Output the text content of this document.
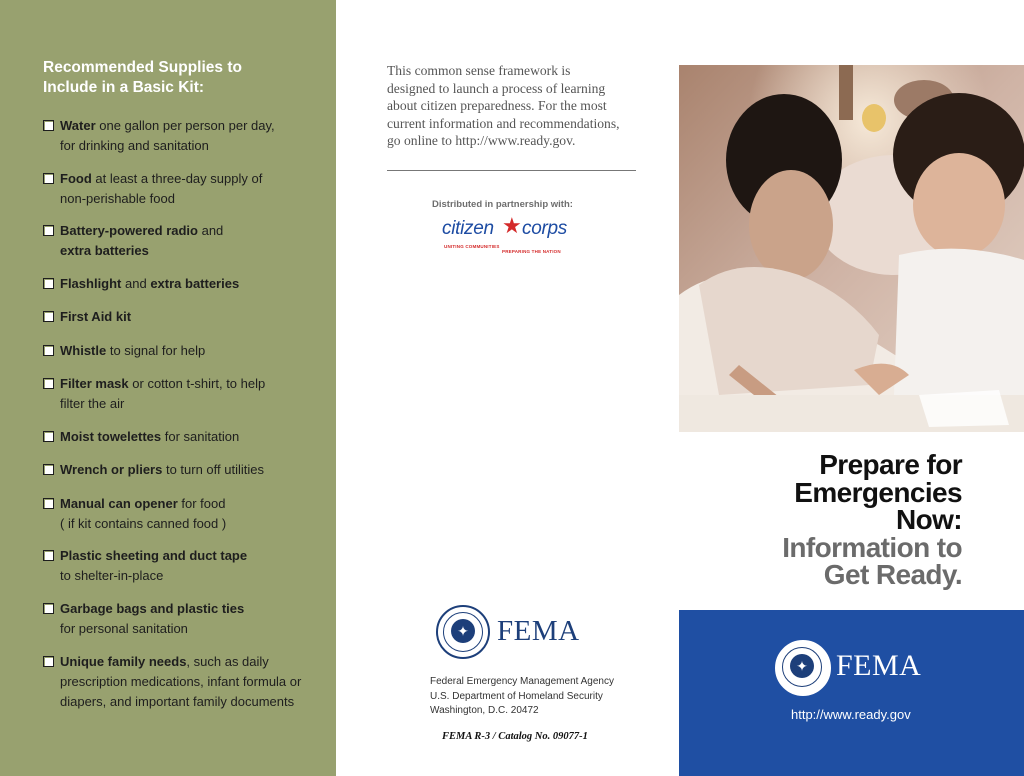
Recommended Supplies to
Include in a Basic Kit:
Water one gallon per person per day,
for drinking and sanitation
Food at least a three-day supply of
non-perishable food
Battery-powered radio and
extra batteries
Flashlight and extra batteries
First Aid kit
Whistle to signal for help
Filter mask or cotton t-shirt, to help
filter the air
Moist towelettes for sanitation
Wrench or pliers to turn off utilities
Manual can opener for food
( if kit contains canned food )
Plastic sheeting and duct tape
to shelter-in-place
Garbage bags and plastic ties
for personal sanitation
Unique family needs, such as daily
prescription medications, infant formula or
diapers, and important family documents
This common sense framework is
designed to launch a process of learning
about citizen preparedness. For the most
current information and recommendations,
go online to http://www.ready.gov.
Distributed in partnership with:
citizen ★ corps
UNITING COMMUNITIES
PREPARING THE NATION
✦ FEMA
Federal Emergency Management Agency
U.S. Department of Homeland Security
Washington, D.C. 20472
FEMA R-3 / Catalog No. 09077-1
Prepare for
Emergencies
Now:
Information to
Get Ready.
✦ FEMA
http://www.ready.gov
